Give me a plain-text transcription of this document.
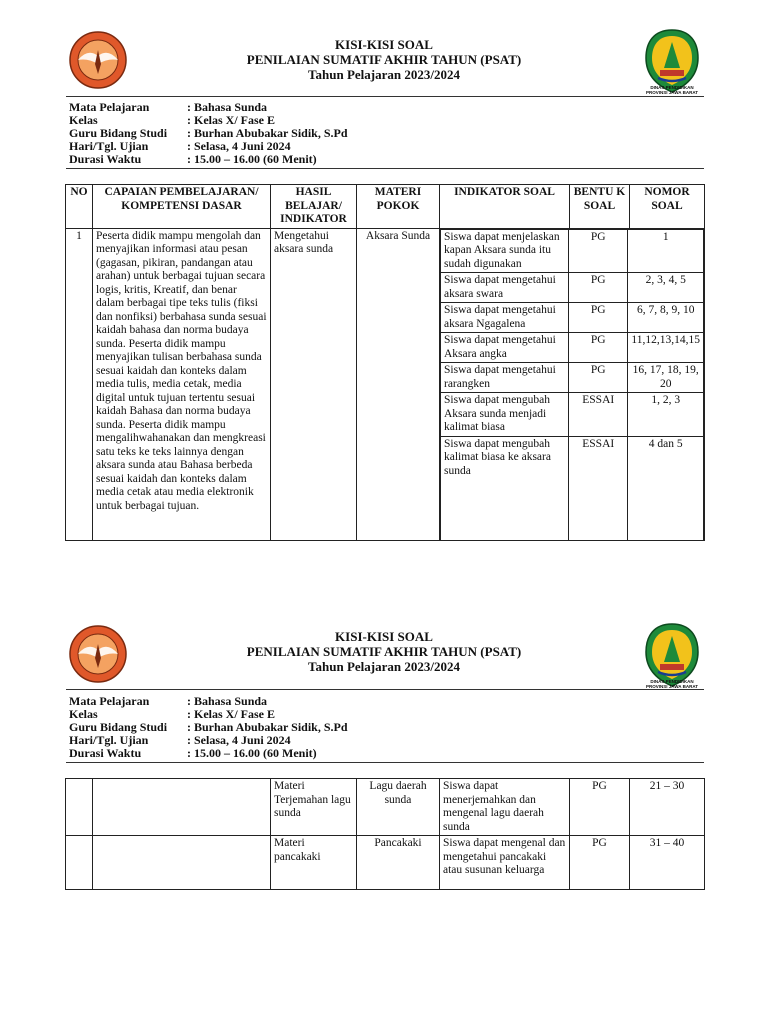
KISI-KISI SOAL
PENILAIAN SUMATIF AKHIR TAHUN (PSAT)
Tahun Pelajaran 2023/2024
DINAS PENDIDIKAN
PROVINSI JAWA BARAT
Mata Pelajaran	: Bahasa Sunda
Kelas	: Kelas X/ Fase E
Guru Bidang Studi	: Burhan Abubakar Sidik, S.Pd
Hari/Tgl. Ujian	: Selasa, 4 Juni 2024
Durasi Waktu	: 15.00 – 16.00 (60 Menit)
NO	CAPAIAN PEMBELAJARAN/ KOMPETENSI DASAR	HASIL BELAJAR/ INDIKATOR	MATERI POKOK	INDIKATOR SOAL	BENTU K SOAL	NOMOR SOAL
1	Peserta didik mampu mengolah dan menyajikan informasi atau pesan (gagasan, pikiran, pandangan atau arahan) untuk berbagai tujuan secara logis, kritis, Kreatif, dan benar dalam berbagai tipe teks tulis (fiksi dan nonfiksi) berbahasa sunda sesuai kaidah bahasa dan norma budaya sunda. Peserta didik mampu menyajikan tulisan berbahasa sunda sesuai kaidah dan konteks dalam media tulis, media cetak, media digital untuk tujuan tertentu sesuai kaidah Bahasa dan norma budaya sunda. Peserta didik mampu mengalihwahanakan dan mengkreasi satu teks ke teks lainnya dengan aksara sunda atau Bahasa berbeda sesuai kaidah dan konteks dalam media cetak atau media elektronik untuk berbagai tujuan.	Mengetahui aksara sunda	Aksara Sunda	Siswa dapat menjelaskan kapan Aksara sunda itu sudah digunakan	PG	1
Siswa dapat mengetahui aksara swara	PG	2, 3, 4, 5
Siswa dapat mengetahui aksara Ngagalena	PG	6, 7, 8, 9, 10
Siswa dapat mengetahui Aksara angka	PG	11,12,13,14,15
Siswa dapat mengetahui rarangken	PG	16, 17, 18, 19, 20
Siswa dapat mengubah Aksara sunda menjadi kalimat biasa	ESSAI	1, 2, 3
Siswa dapat mengubah kalimat biasa ke aksara sunda	ESSAI	4 dan 5
KISI-KISI SOAL
PENILAIAN SUMATIF AKHIR TAHUN (PSAT)
Tahun Pelajaran 2023/2024
DINAS PENDIDIKAN
PROVINSI JAWA BARAT
Mata Pelajaran	: Bahasa Sunda
Kelas	: Kelas X/ Fase E
Guru Bidang Studi	: Burhan Abubakar Sidik, S.Pd
Hari/Tgl. Ujian	: Selasa, 4 Juni 2024
Durasi Waktu	: 15.00 – 16.00 (60 Menit)
		Materi Terjemahan lagu sunda	Lagu daerah sunda	Siswa dapat menerjemahkan dan mengenal lagu daerah sunda	PG	21 – 30
		Materi pancakaki	Pancakaki	Siswa dapat mengenal dan mengetahui pancakaki atau susunan keluarga	PG	31 – 40
